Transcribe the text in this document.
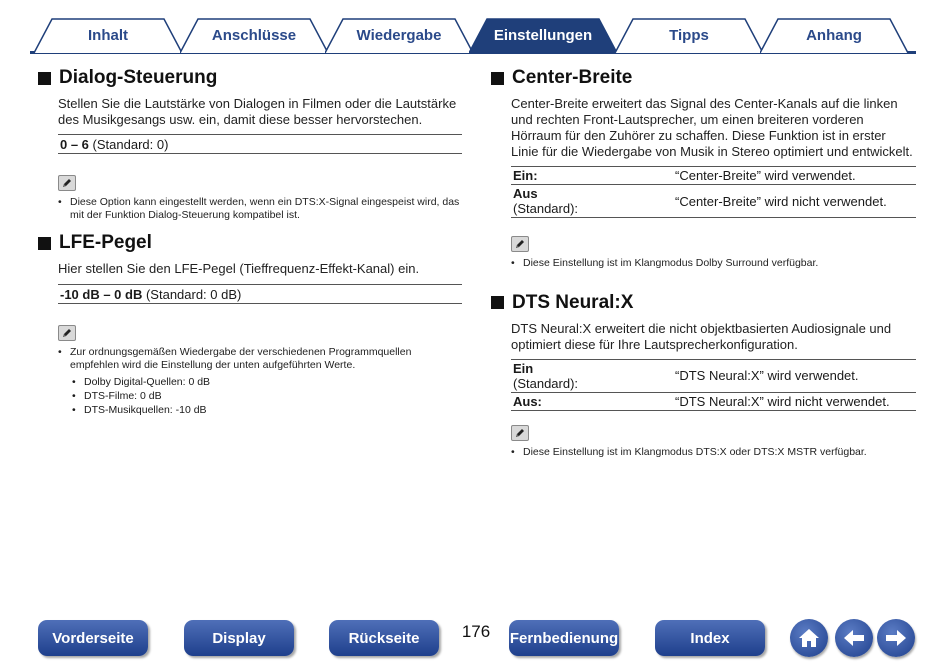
Inhalt	Anschlüsse	Wiedergabe	Einstellungen	Tipps	Anhang
Dialog-Steuerung

Stellen Sie die Lautstärke von Dialogen in Filmen oder die Lautstärke des Musikgesangs usw. ein, damit diese besser hervorstechen.

0 – 6 (Standard: 0)
• Diese Option kann eingestellt werden, wenn ein DTS:X-Signal eingespeist wird, das mit der Funktion Dialog-Steuerung kompatibel ist.
LFE-Pegel

Hier stellen Sie den LFE-Pegel (Tieffrequenz-Effekt-Kanal) ein.

-10 dB – 0 dB (Standard: 0 dB)
• Zur ordnungsgemäßen Wiedergabe der verschiedenen Programmquellen empfehlen wird die Einstellung der unten aufgeführten Werte.
• Dolby Digital-Quellen: 0 dB
• DTS-Filme: 0 dB
• DTS-Musikquellen: -10 dB
Center-Breite

Center-Breite erweitert das Signal des Center-Kanals auf die linken und rechten Front-Lautsprecher, um einen breiteren vorderen Hörraum für den Zuhörer zu schaffen. Diese Funktion ist in erster Linie für die Wiedergabe von Musik in Stereo optimiert und entwickelt.

Ein:	“Center-Breite” wird verwendet.
Aus
(Standard):	“Center-Breite” wird nicht verwendet.
• Diese Einstellung ist im Klangmodus Dolby Surround verfügbar.
DTS Neural:X

DTS Neural:X erweitert die nicht objektbasierten Audiosignale und optimiert diese für Ihre Lautsprecherkonfiguration.

Ein
(Standard):	“DTS Neural:X” wird verwendet.
Aus:	“DTS Neural:X” wird nicht verwendet.
• Diese Einstellung ist im Klangmodus DTS:X oder DTS:X MSTR verfügbar.
Vorderseite	Display	Rückseite	176	Fernbedienung	Index
